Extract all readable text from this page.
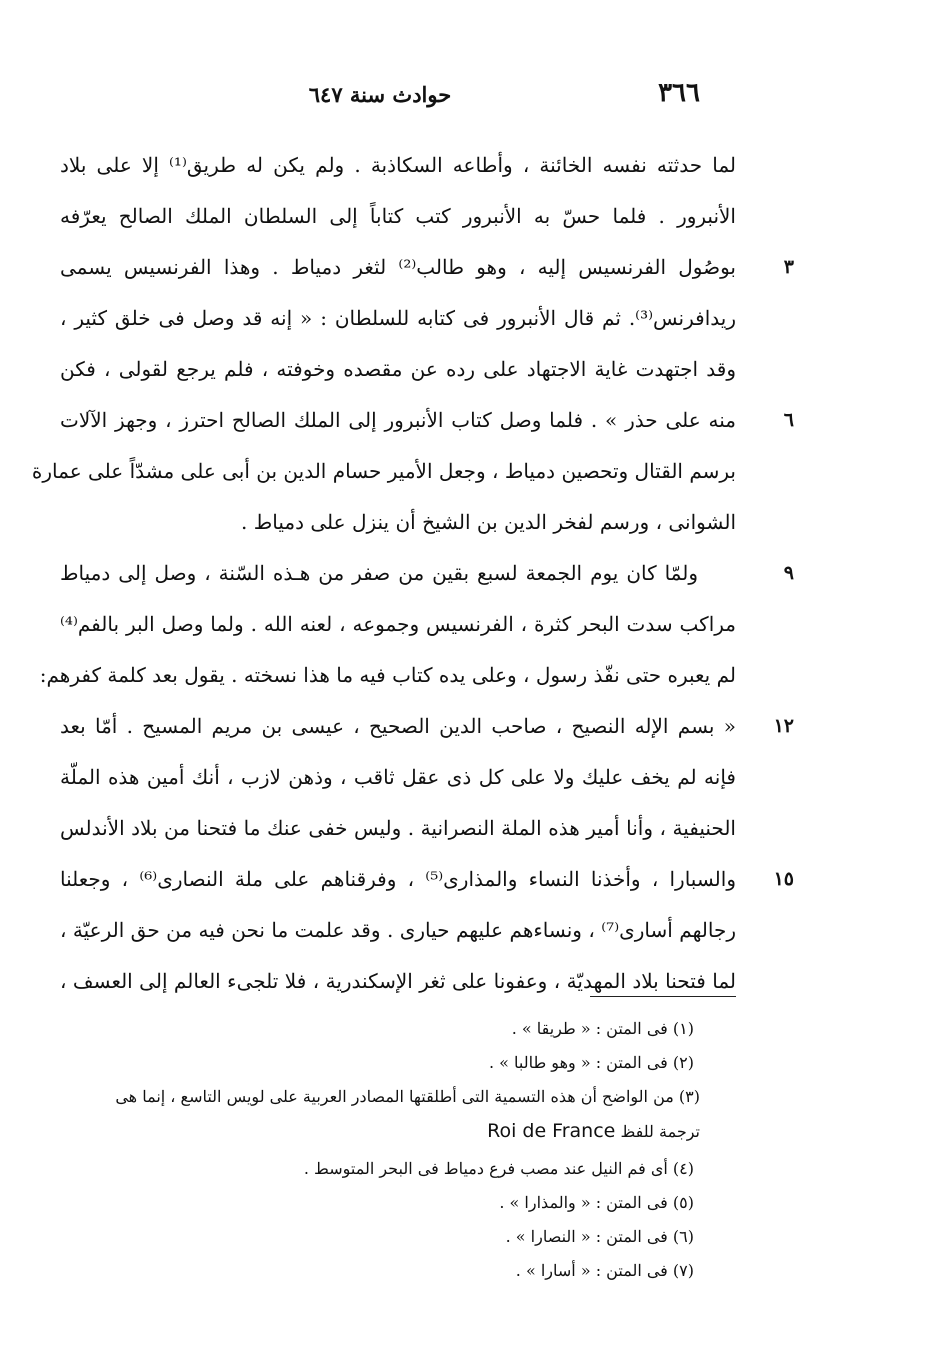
٣٦٦
حوادث سنة ٦٤٧
لما حدثته نفسه الخائنة ، وأطاعه السكاذبة . ولم يكن له طريق⁽¹⁾ إلا على بلاد
الأنبرور . فلما حسّ به الأنبرور كتب كتاباً إلى السلطان الملك الصالح يعرّفه
٣
بوصُول الفرنسيس إليه ، وهو طالب⁽²⁾ لثغر دمياط . وهذا الفرنسيس يسمى
ريدافرنس⁽³⁾. ثم قال الأنبرور فى كتابه للسلطان : « إنه قد وصل فى خلق كثير ،
وقد اجتهدت غاية الاجتهاد على رده عن مقصده وخوفته ، فلم يرجع لقولى ، فكن
٦
منه على حذر » . فلما وصل كتاب الأنبرور إلى الملك الصالح احترز ، وجهز الآلات
برسم القتال وتحصين دمياط ، وجعل الأمير حسام الدين بن أبى على مشدّاً على عمارة
الشوانى ، ورسم لفخر الدين بن الشيخ أن ينزل على دمياط .
٩
ولمّا كان يوم الجمعة لسبع بقين من صفر من هـذه السّنة ، وصل إلى دمياط
مراكب سدت البحر كثرة ، الفرنسيس وجموعه ، لعنه الله . ولما وصل البر بالفم⁽⁴⁾
لم يعبره حتى نفّذ رسول ، وعلى يده كتاب فيه ما هذا نسخته . يقول بعد كلمة كفرهم:
١٢
« بسم الإله النصيح ، صاحب الدين الصحيح ، عيسى بن مريم المسيح . أمّا بعد
فإنه لم يخف عليك ولا على كل ذى عقل ثاقب ، وذهن لازب ، أنك أمين هذه الملّة
الحنيفية ، وأنا أمير هذه الملة النصرانية . وليس خفى عنك ما فتحنا من بلاد الأندلس
١٥
والسبارا ، وأخذنا النساء والمذارى⁽⁵⁾ ، وفرقناهم على ملة النصارى⁽⁶⁾ ، وجعلنا
رجالهم أسارى⁽⁷⁾ ، ونساءهم عليهم حيارى . وقد علمت ما نحن فيه من حق الرعيّة ،
لما فتحنا بلاد المهديّة ، وعفونا على ثغر الإسكندرية ، فلا تلجىء العالم إلى العسف ،
(١) فى المتن : « طريقا » .
(٢) فى المتن : « وهو طالبا » .
(٣) من الواضح أن هذه التسمية التى أطلقتها المصادر العربية على لويس التاسع ، إنما هى
ترجمة للفظ Roi de France
(٤) أى فم النيل عند مصب فرع دمياط فى البحر المتوسط .
(٥) فى المتن : « والمذارا » .
(٦) فى المتن : « النصارا » .
(٧) فى المتن : « أسارا » .
